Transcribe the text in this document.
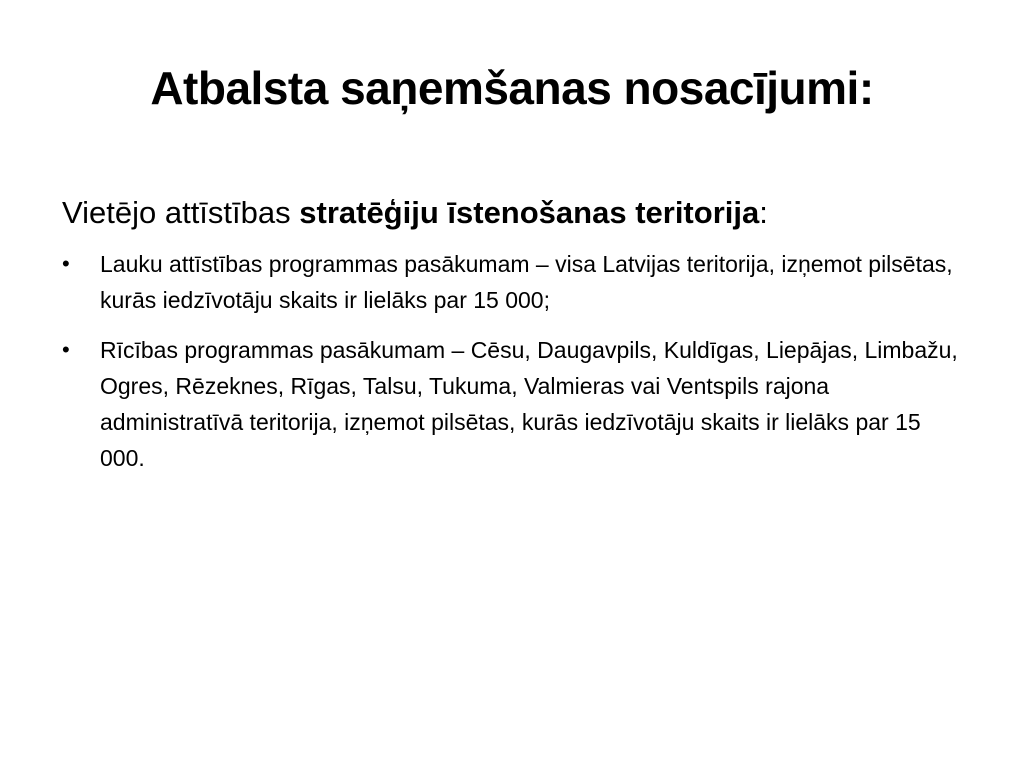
Atbalsta saņemšanas nosacījumi:

Vietējo attīstības stratēģiju īstenošanas teritorija:

•	Lauku attīstības programmas pasākumam – visa Latvijas teritorija, izņemot pilsētas, kurās iedzīvotāju skaits ir lielāks par 15 000;
•	Rīcības programmas pasākumam – Cēsu, Daugavpils, Kuldīgas, Liepājas, Limbažu, Ogres, Rēzeknes, Rīgas, Talsu, Tukuma, Valmieras vai Ventspils rajona administratīvā teritorija, izņemot pilsētas, kurās iedzīvotāju skaits ir lielāks par 15 000.
